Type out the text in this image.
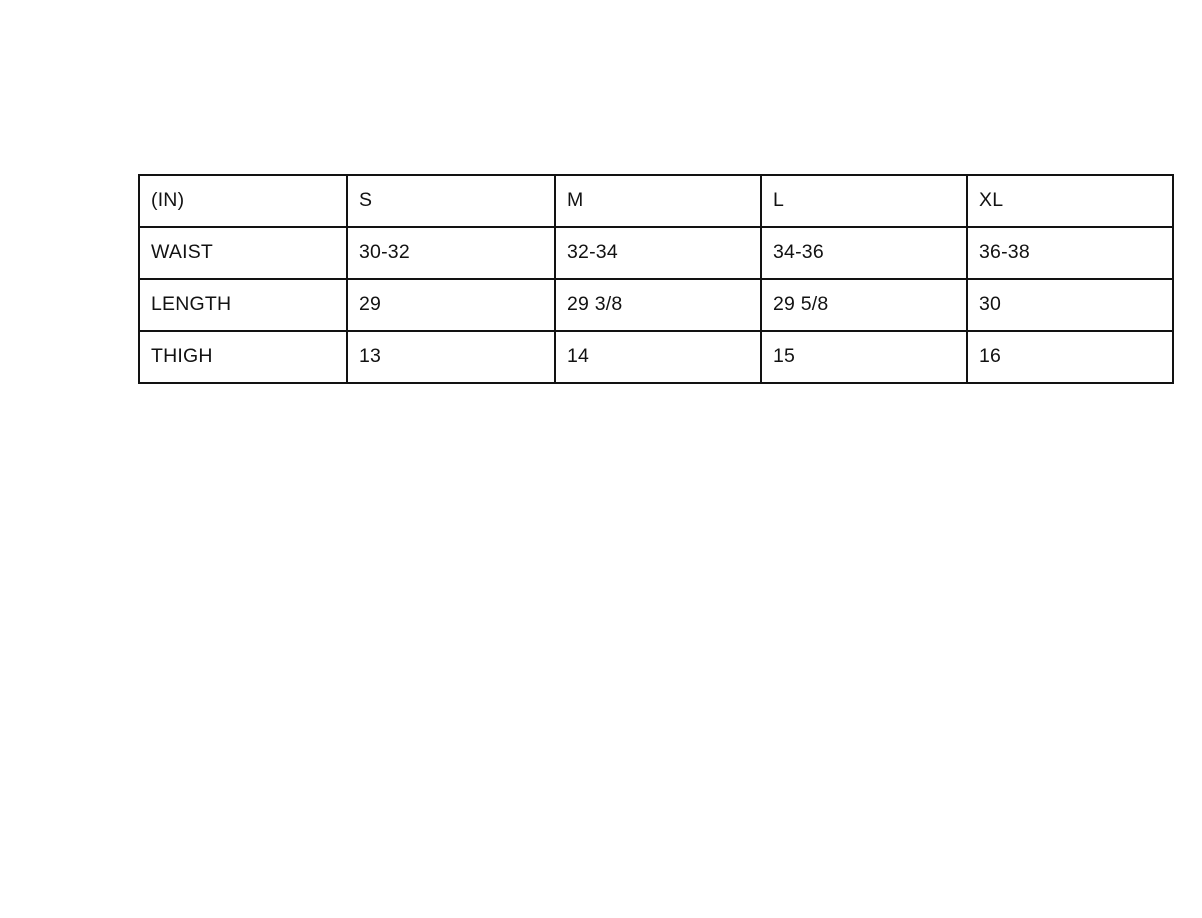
(IN)	S	M	L	XL
WAIST	30-32	32-34	34-36	36-38
LENGTH	29	29 3/8	29 5/8	30
THIGH	13	14	15	16
